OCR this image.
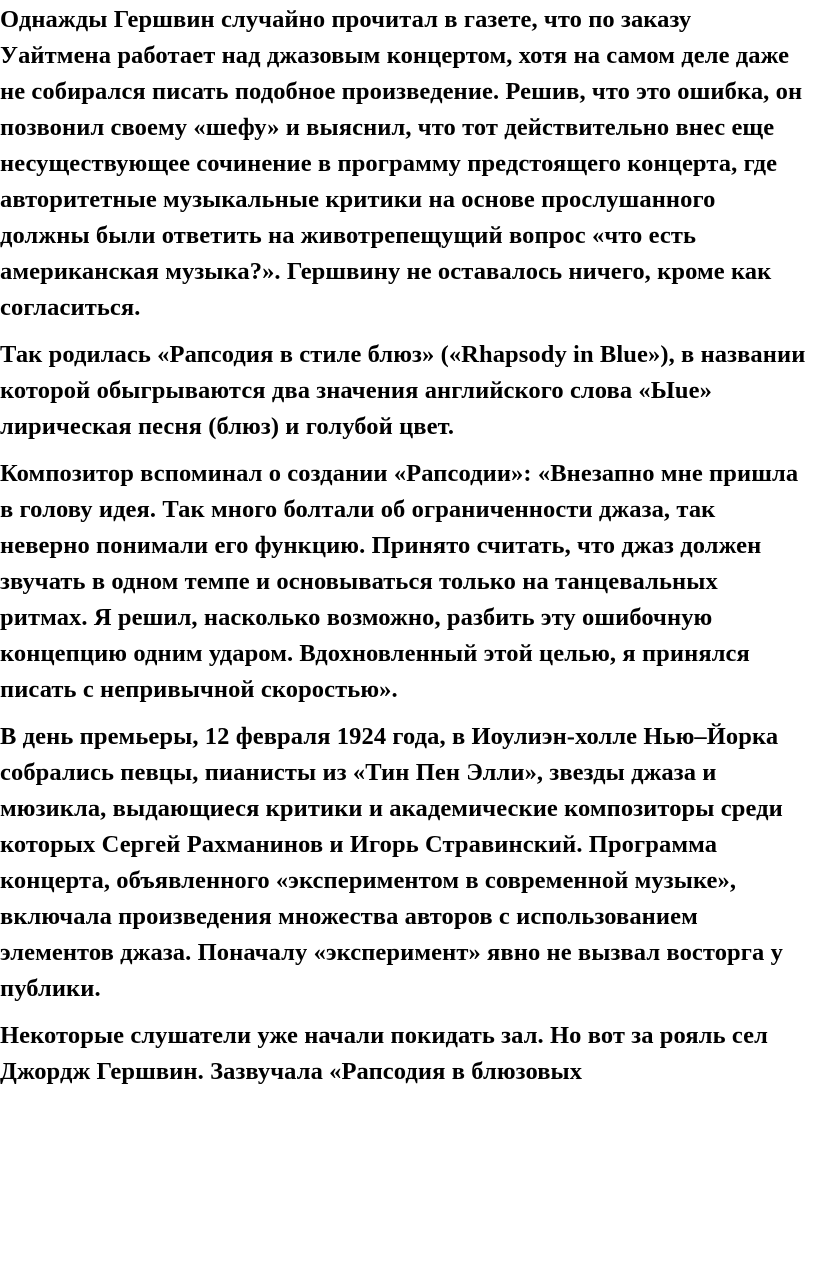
Однажды Гершвин случайно прочитал в газете, что по заказу Уайтмена работает над джазовым концертом, хотя на самом деле даже не собирался писать подобное произведение. Решив, что это ошибка, он позвонил своему «шефу» и выяснил, что тот действительно внес еще несуществующее сочинение в программу предстоящего концерта, где авторитетные музыкальные критики на основе прослушанного должны были ответить на животрепещущий вопрос «что есть американская музыка?». Гершвину не оставалось ничего, кроме как согласиться.

Так родилась «Рапсодия в стиле блюз» («Rhapsody in Blue»), в названии которой обыгрываются два значения английского слова «Ыue» лирическая песня (блюз) и голубой цвет.

Композитор вспоминал о создании «Рапсодии»: «Внезапно мне пришла в голову идея. Так много болтали об ограниченности джаза, так неверно понимали его функцию. Принято считать, что джаз должен звучать в одном темпе и основываться только на танцевальных ритмах. Я решил, насколько возможно, разбить эту ошибочную концепцию одним ударом. Вдохновленный этой целью, я принялся писать с непривычной скоростью».

В день премьеры, 12 февраля 1924 года, в Иоулиэн-холле Нью–Йорка собрались певцы, пианисты из «Тин Пен Элли», звезды джаза и мюзикла, выдающиеся критики и академические композиторы среди которых Сергей Рахманинов и Игорь Стравинский. Программа концерта, объявленного «экспериментом в современной музыке», включала произведения множества авторов с использованием элементов джаза. Поначалу «эксперимент» явно не вызвал восторга у публики.

Некоторые слушатели уже начали покидать зал. Но вот за рояль сел Джордж Гершвин. Зазвучала «Рапсодия в блюзовых
